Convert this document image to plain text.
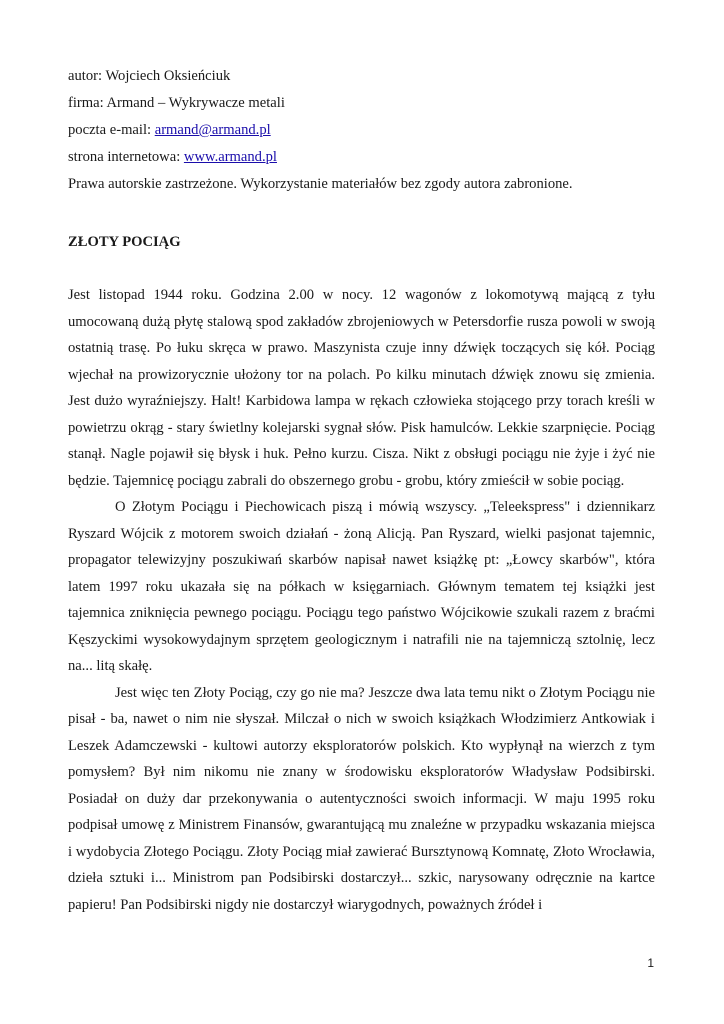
autor: Wojciech Oksieńciuk

firma: Armand – Wykrywacze metali

poczta e-mail: armand@armand.pl

strona internetowa: www.armand.pl

Prawa autorskie zastrzeżone. Wykorzystanie materiałów bez zgody autora zabronione.

ZŁOTY POCIĄG

Jest listopad 1944 roku. Godzina 2.00 w nocy. 12 wagonów z lokomotywą mającą z tyłu umocowaną dużą płytę stalową spod zakładów zbrojeniowych w Petersdorfie rusza powoli w swoją ostatnią trasę. Po łuku skręca w prawo. Maszynista czuje inny dźwięk toczących się kół. Pociąg wjechał na prowizorycznie ułożony tor na polach. Po kilku minutach dźwięk znowu się zmienia. Jest dużo wyraźniejszy. Halt! Karbidowa lampa w rękach człowieka stojącego przy torach kreśli w powietrzu okrąg - stary świetlny kolejarski sygnał słów. Pisk hamulców. Lekkie szarpnięcie. Pociąg stanął. Nagle pojawił się błysk i huk. Pełno kurzu. Cisza. Nikt z obsługi pociągu nie żyje i żyć nie będzie. Tajemnicę pociągu zabrali do obszernego grobu - grobu, który zmieścił w sobie pociąg.

O Złotym Pociągu i Piechowicach piszą i mówią wszyscy. „Teleekspress" i dziennikarz Ryszard Wójcik z motorem swoich działań - żoną Alicją. Pan Ryszard, wielki pasjonat tajemnic, propagator telewizyjny poszukiwań skarbów napisał nawet książkę pt: „Łowcy skarbów", która latem 1997 roku ukazała się na półkach w księgarniach. Głównym tematem tej książki jest tajemnica zniknięcia pewnego pociągu. Pociągu tego państwo Wójcikowie szukali razem z braćmi Kęszyckimi wysokowydajnym sprzętem geologicznym i natrafili nie na tajemniczą sztolnię, lecz na... litą skałę.

Jest więc ten Złoty Pociąg, czy go nie ma? Jeszcze dwa lata temu nikt o Złotym Pociągu nie pisał - ba, nawet o nim nie słyszał. Milczał o nich w swoich książkach Włodzimierz Antkowiak i Leszek Adamczewski - kultowi autorzy eksploratorów polskich. Kto wypłynął na wierzch z tym pomysłem? Był nim nikomu nie znany w środowisku eksploratorów Władysław Podsibirski. Posiadał on duży dar przekonywania o autentyczności swoich informacji. W maju 1995 roku podpisał umowę z Ministrem Finansów, gwarantującą mu znaleźne w przypadku wskazania miejsca i wydobycia Złotego Pociągu. Złoty Pociąg miał zawierać Bursztynową Komnatę, Złoto Wrocławia, dzieła sztuki i... Ministrom pan Podsibirski dostarczył... szkic, narysowany odręcznie na kartce papieru! Pan Podsibirski nigdy nie dostarczył wiarygodnych, poważnych źródeł i

1
